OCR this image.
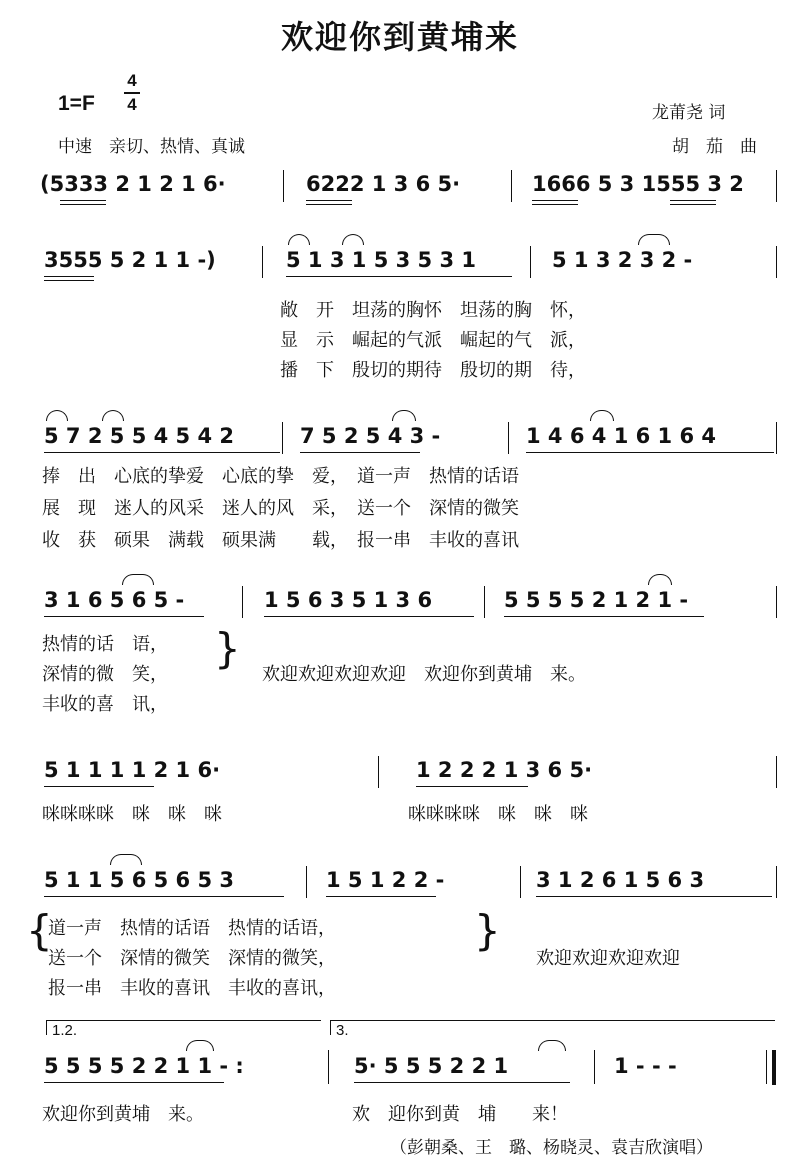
欢迎你到黄埔来
1=F
4
4
中速　亲切、热情、真诚
龙莆尧 词
胡　茄　曲
(5333 2 1 2 1 6·	6222 1 3 6 5·	1666 5 3 1555 3 2
3555 5 2 1 1 -)	5 1 3 1 5 3 5 3 1	5 1 3 2 3 2 -
敞　开　坦荡的胸怀　坦荡的胸　怀，
显　示　崛起的气派　崛起的气　派，
播　下　殷切的期待　殷切的期　待，
5 7 2 5 5 4 5 4 2	7 5 2 5 4 3 -	1 4 6 4 1 6 1 6 4
捧　出　心底的挚爱　心底的挚　爱，　道一声　热情的话语
展　现　迷人的风采　迷人的风　采，　送一个　深情的微笑
收　获　硕果　满载　硕果满　　载，　报一串　丰收的喜讯
3 1 6 5 6 5 -	1 5 6 3 5 1 3 6	5 5 5 5 2 1 2 1 -
热情的话　语，
深情的微　笑，
丰收的喜　讯，
}
欢迎欢迎欢迎欢迎　欢迎你到黄埔　来。
5 1 1 1 1 2 1 6·	1 2 2 2 1 3 6 5·
咪咪咪咪　咪　咪　咪	咪咪咪咪　咪　咪　咪
5 1 1 5 6 5 6 5 3	1 5 1 2 2 -	3 1 2 6 1 5 6 3
{
道一声　热情的话语　热情的话语，
送一个　深情的微笑　深情的微笑，
报一串　丰收的喜讯　丰收的喜讯，
}
欢迎欢迎欢迎欢迎
1.2.	3.
5 5 5 5 2 2 1 1 - :	5· 5 5 5 2 2 1	1 - - -
欢迎你到黄埔　来。	欢　迎你到黄　埔　　来！
（彭朝桑、王　璐、杨晓灵、袁吉欣演唱）
